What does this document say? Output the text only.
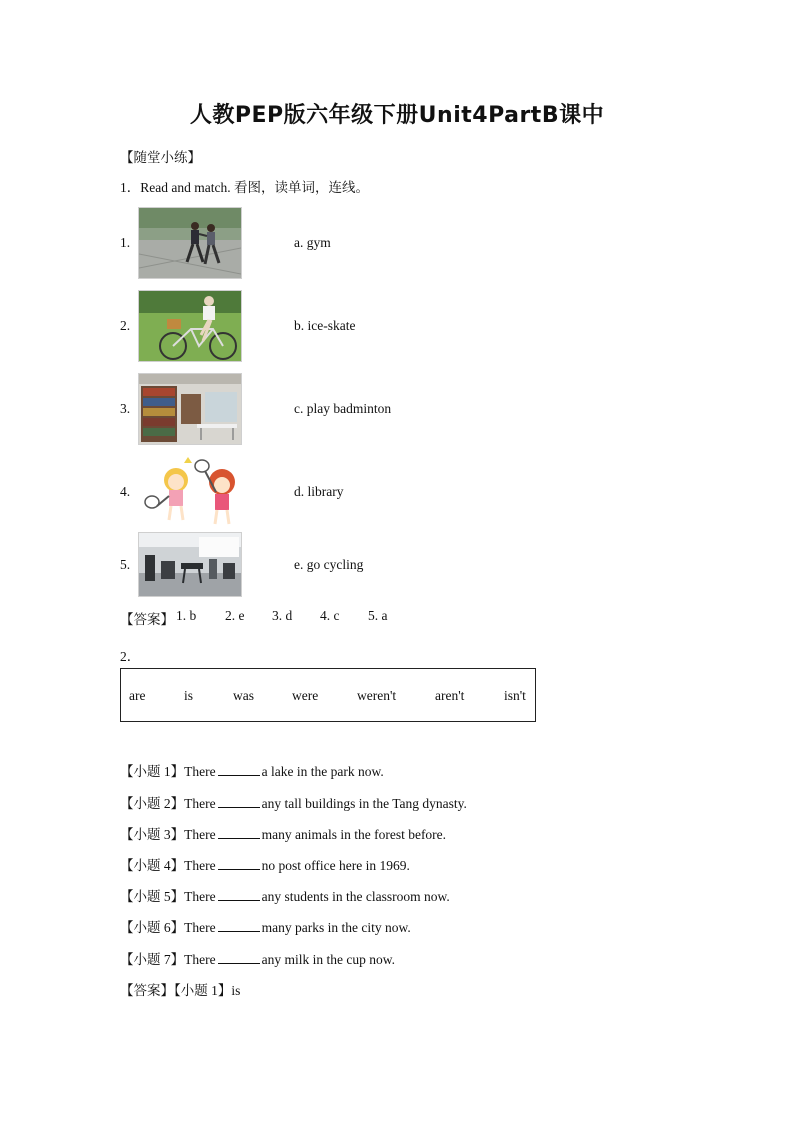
人教PEP版六年级下册Unit4PartB课中
【随堂小练】
1．Read and match. 看图，读单词，连线。
1.	a. gym
2.	b. ice-skate
3.	c. play badminton
4.	d. library
5.	e. go cycling
【答案】 1. b 2. e 3. d 4. c 5. a
2．
are	is	was	were	weren't	aren't	isn't
【小题 1】There	a lake in the park now.
【小题 2】There	any tall buildings in the Tang dynasty.
【小题 3】There	many animals in the forest before.
【小题 4】There	no post office here in 1969.
【小题 5】There	any students in the classroom now.
【小题 6】There	many parks in the city now.
【小题 7】There	any milk in the cup now.
【答案】【小题 1】is
